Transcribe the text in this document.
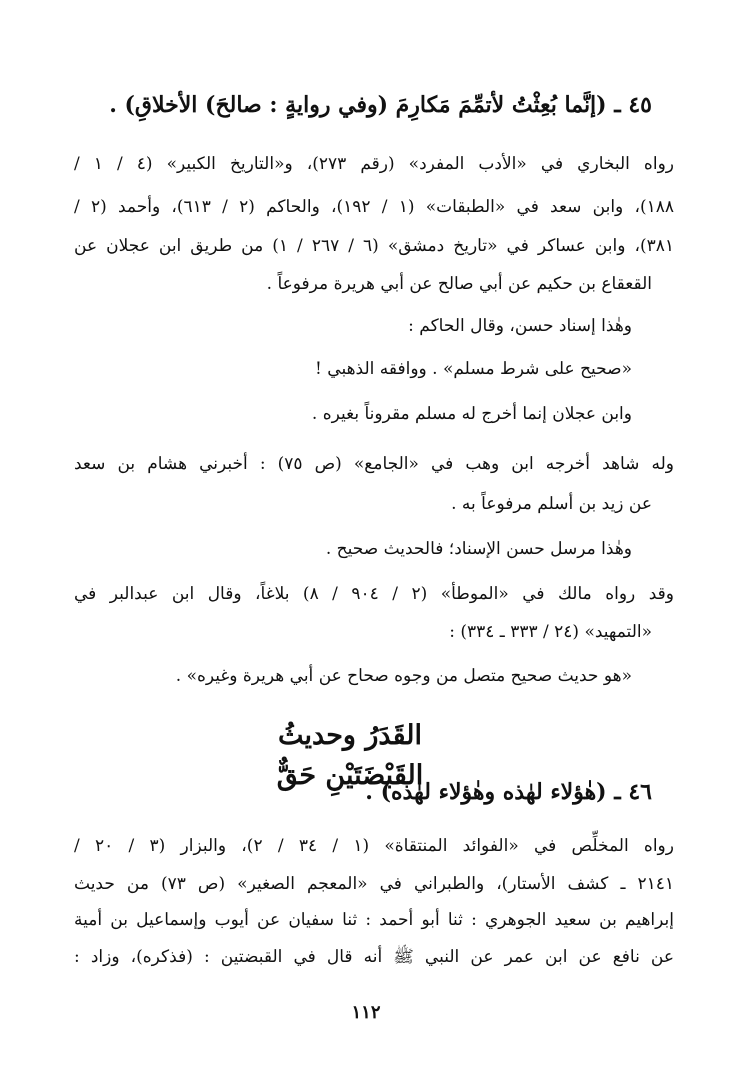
٤٥ ـ (إنَّما بُعِثْتُ لأتمِّمَ مَكارِمَ (وفي روايةٍ : صالحَ) الأخلاقِ) .
رواه البخاري في «الأدب المفرد» (رقم ٢٧٣)، و«التاريخ الكبير» (٤ / ١ /
١٨٨)، وابن سعد في «الطبقات» (١ / ١٩٢)، والحاكم (٢ / ٦١٣)، وأحمد (٢ /
٣٨١)، وابن عساكر في «تاريخ دمشق» (٦ / ٢٦٧ / ١) من طريق ابن عجلان عن
القعقاع بن حكيم عن أبي صالح عن أبي هريرة مرفوعاً .
وهٰذا إسناد حسن، وقال الحاكم :
«صحيح على شرط مسلم» . ووافقه الذهبي !
وابن عجلان إنما أخرج له مسلم مقروناً بغيره .
وله شاهد أخرجه ابن وهب في «الجامع» (ص ٧٥) : أخبرني هشام بن سعد
عن زيد بن أسلم مرفوعاً به .
وهٰذا مرسل حسن الإسناد؛ فالحديث صحيح .
وقد رواه مالك في «الموطأ» (٢ / ٩٠٤ / ٨) بلاغاً، وقال ابن عبدالبر في
«التمهيد» (٢٤ / ٣٣٣ ـ ٣٣٤) :
«هو حديث صحيح متصل من وجوه صحاح عن أبي هريرة وغيره» .
القَدَرُ وحديثُ القَبْضَتَيْنِ حَقٌّ
٤٦ ـ (هٰؤلاء لهٰذه وهٰؤلاء لهٰذه) .
رواه المخلِّص في «الفوائد المنتقاة» (١ / ٣٤ / ٢)، والبزار (٣ / ٢٠ /
٢١٤١ ـ كشف الأستار)، والطبراني في «المعجم الصغير» (ص ٧٣) من حديث
إبراهيم بن سعيد الجوهري : ثنا أبو أحمد : ثنا سفيان عن أيوب وإسماعيل بن أمية
عن نافع عن ابن عمر عن النبي ﷺ أنه قال في القبضتين : (فذكره)، وزاد :
١١٢
